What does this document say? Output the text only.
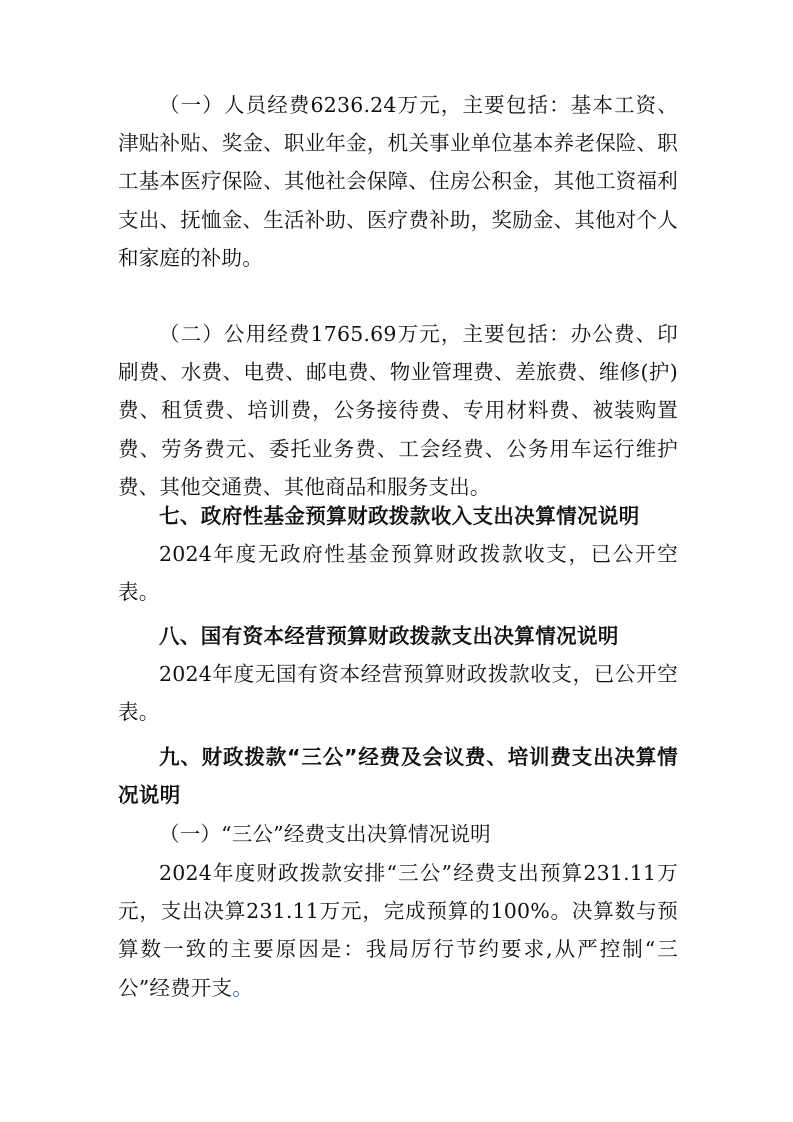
（一）人员经费6236.24万元，主要包括：基本工资、津贴补贴、奖金、职业年金，机关事业单位基本养老保险、职工基本医疗保险、其他社会保障、住房公积金，其他工资福利支出、抚恤金、生活补助、医疗费补助，奖励金、其他对个人和家庭的补助。

（二）公用经费1765.69万元，主要包括：办公费、印刷费、水费、电费、邮电费、物业管理费、差旅费、维修(护)费、租赁费、培训费，公务接待费、专用材料费、被装购置费、劳务费元、委托业务费、工会经费、公务用车运行维护费、其他交通费、其他商品和服务支出。

七、政府性基金预算财政拨款收入支出决算情况说明

2024年度无政府性基金预算财政拨款收支，已公开空表。

八、国有资本经营预算财政拨款支出决算情况说明

2024年度无国有资本经营预算财政拨款收支，已公开空表。

九、财政拨款“三公”经费及会议费、培训费支出决算情况说明

（一）“三公”经费支出决算情况说明

2024年度财政拨款安排“三公”经费支出预算231.11万元，支出决算231.11万元，完成预算的100%。决算数与预算数一致的主要原因是：我局厉行节约要求,从严控制“三公”经费开支。
